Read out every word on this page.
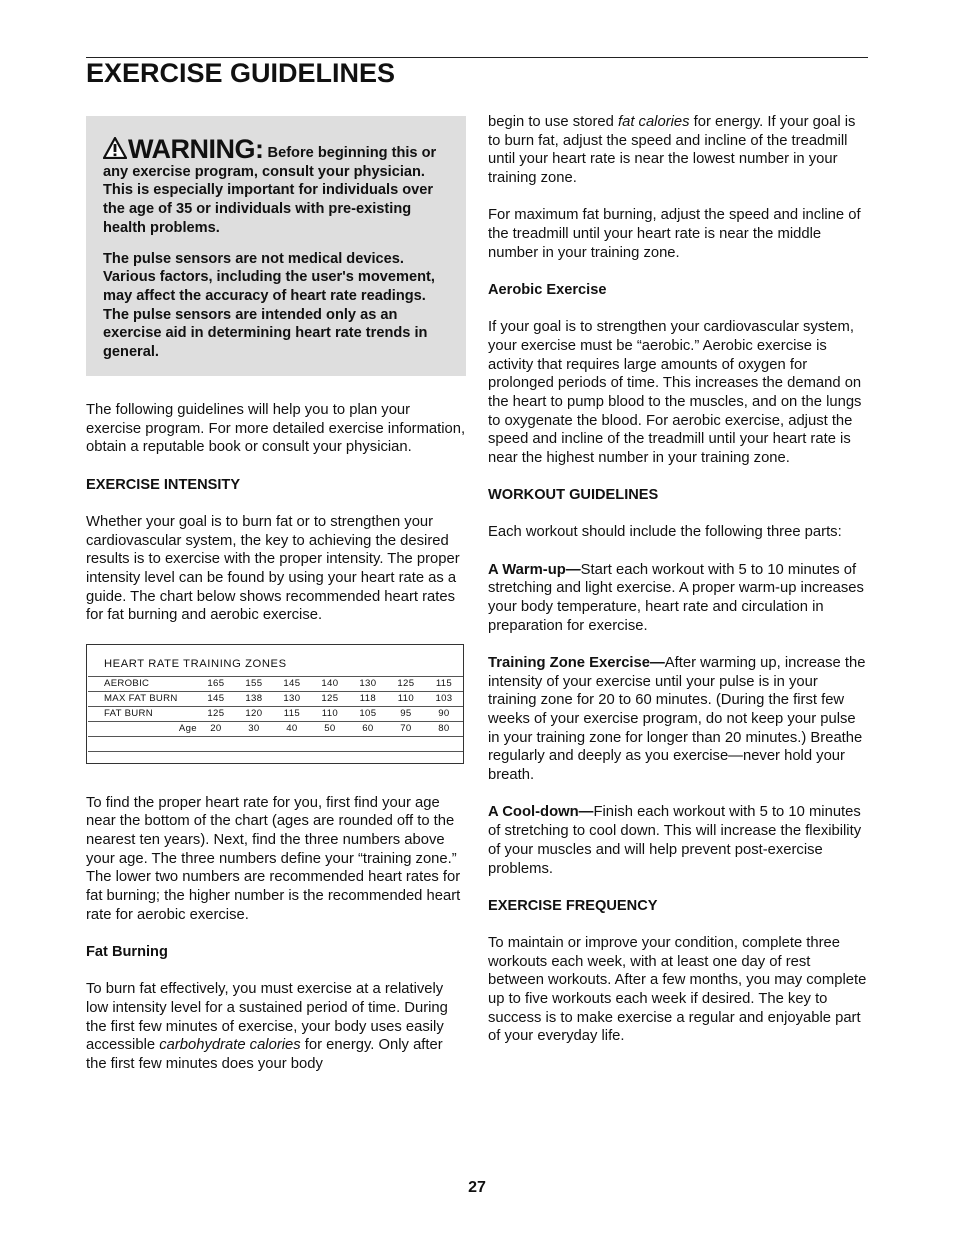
EXERCISE GUIDELINES

WARNING: Before beginning this or any exercise program, consult your physician. This is especially important for individuals over the age of 35 or individuals with pre-existing health problems.

The pulse sensors are not medical devices. Various factors, including the user's movement, may affect the accuracy of heart rate readings. The pulse sensors are intended only as an exercise aid in determining heart rate trends in general.

The following guidelines will help you to plan your exercise program. For more detailed exercise information, obtain a reputable book or consult your physician.

EXERCISE INTENSITY

Whether your goal is to burn fat or to strengthen your cardiovascular system, the key to achieving the desired results is to exercise with the proper intensity. The proper intensity level can be found by using your heart rate as a guide. The chart below shows recommended heart rates for fat burning and aerobic exercise.

HEART RATE TRAINING ZONES
AEROBIC	165	155	145	140	130	125	115
MAX FAT BURN	145	138	130	125	118	110	103
FAT BURN	125	120	115	110	105	95	90
Age	20	30	40	50	60	70	80

To find the proper heart rate for you, first find your age near the bottom of the chart (ages are rounded off to the nearest ten years). Next, find the three numbers above your age. The three numbers define your “training zone.” The lower two numbers are recommended heart rates for fat burning; the higher number is the recommended heart rate for aerobic exercise.

Fat Burning

To burn fat effectively, you must exercise at a relatively low intensity level for a sustained period of time. During the first few minutes of exercise, your body uses easily accessible carbohydrate calories for energy. Only after the first few minutes does your body

begin to use stored fat calories for energy. If your goal is to burn fat, adjust the speed and incline of the treadmill until your heart rate is near the lowest number in your training zone.

For maximum fat burning, adjust the speed and incline of the treadmill until your heart rate is near the middle number in your training zone.

Aerobic Exercise

If your goal is to strengthen your cardiovascular system, your exercise must be “aerobic.” Aerobic exercise is activity that requires large amounts of oxygen for prolonged periods of time. This increases the demand on the heart to pump blood to the muscles, and on the lungs to oxygenate the blood. For aerobic exercise, adjust the speed and incline of the treadmill until your heart rate is near the highest number in your training zone.

WORKOUT GUIDELINES

Each workout should include the following three parts:

A Warm-up—Start each workout with 5 to 10 minutes of stretching and light exercise. A proper warm-up increases your body temperature, heart rate and circulation in preparation for exercise.

Training Zone Exercise—After warming up, increase the intensity of your exercise until your pulse is in your training zone for 20 to 60 minutes. (During the first few weeks of your exercise program, do not keep your pulse in your training zone for longer than 20 minutes.) Breathe regularly and deeply as you exercise—never hold your breath.

A Cool-down—Finish each workout with 5 to 10 minutes of stretching to cool down. This will increase the flexibility of your muscles and will help prevent post-exercise problems.

EXERCISE FREQUENCY

To maintain or improve your condition, complete three workouts each week, with at least one day of rest between workouts. After a few months, you may complete up to five workouts each week if desired. The key to success is to make exercise a regular and enjoyable part of your everyday life.

27
